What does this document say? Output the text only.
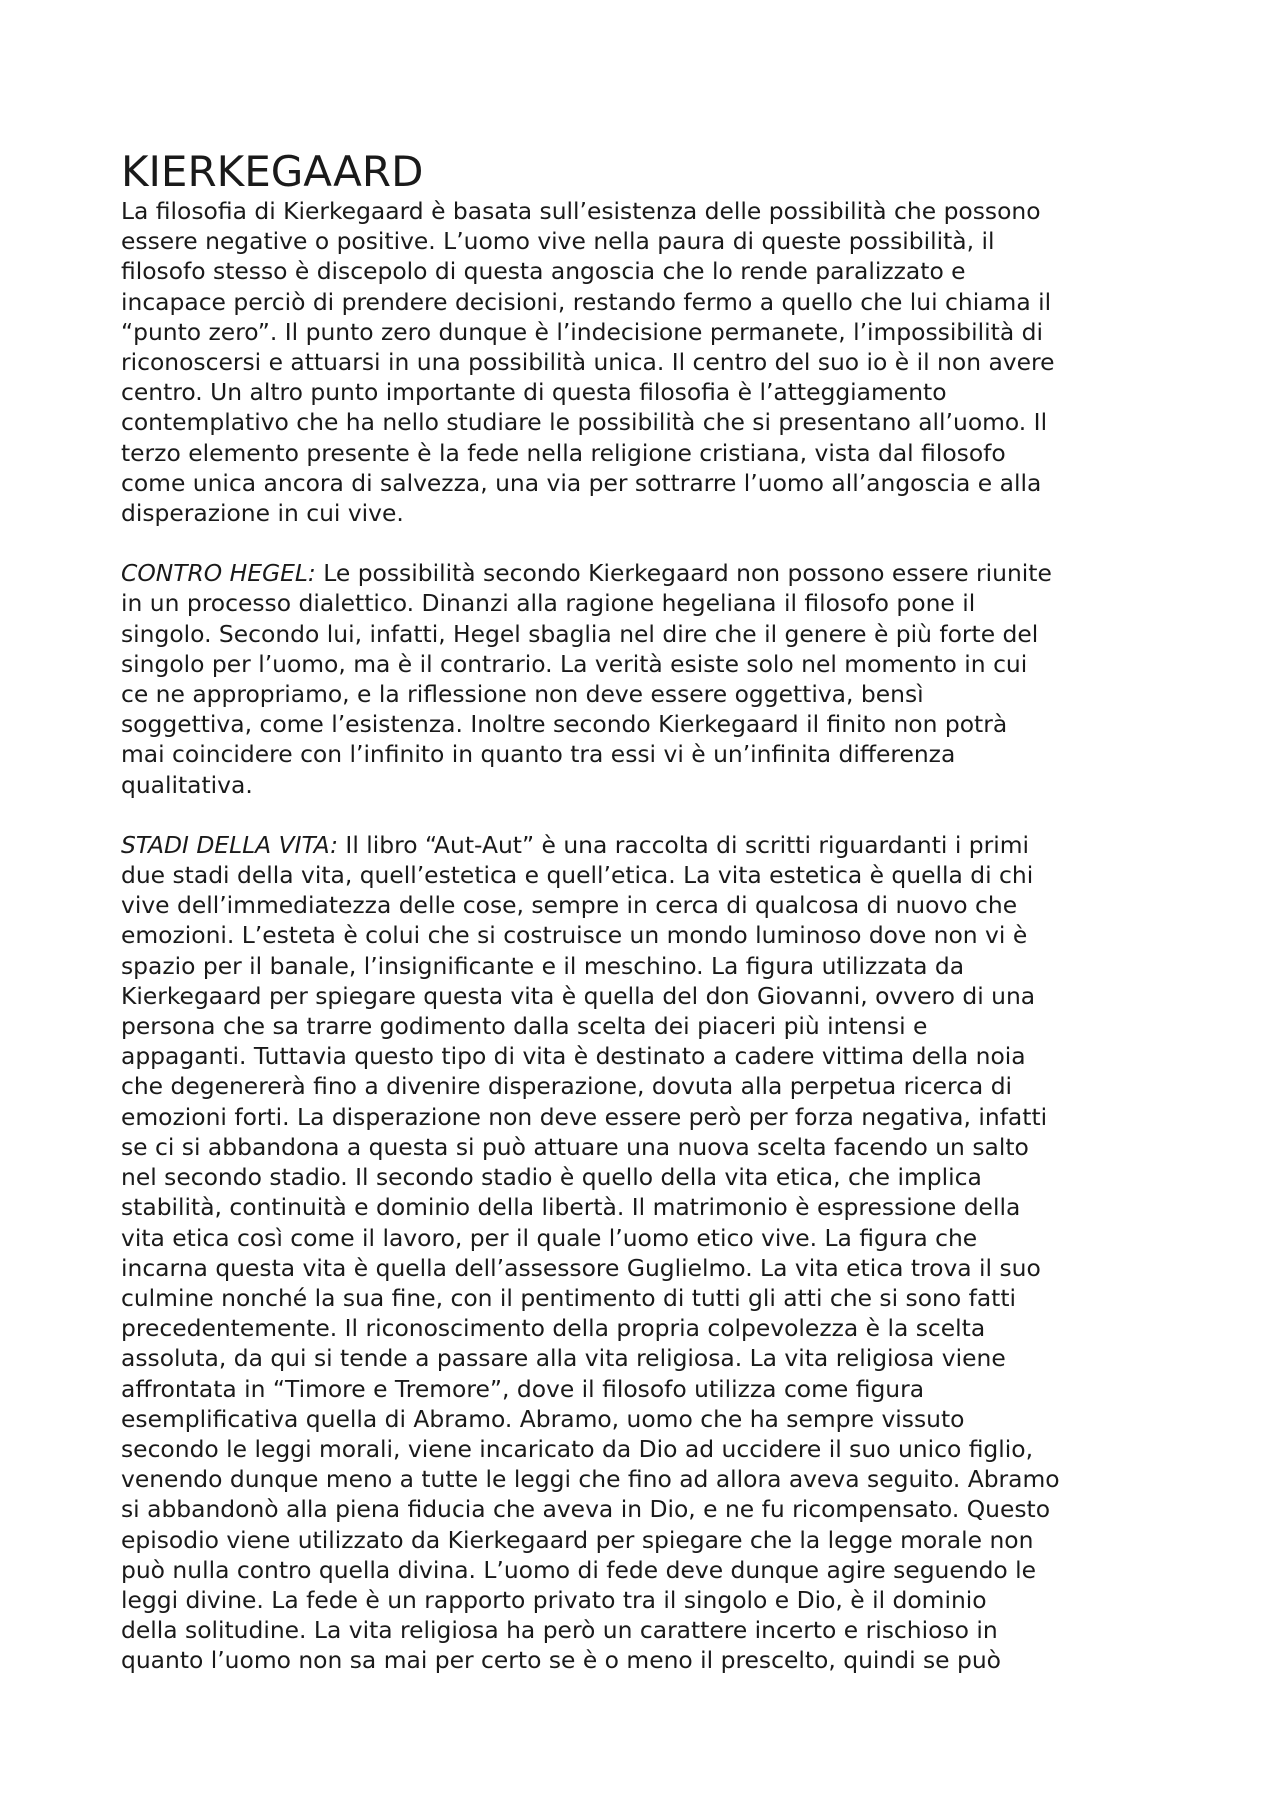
KIERKEGAARD

La filosofia di Kierkegaard è basata sull’esistenza delle possibilità che possono
essere negative o positive. L’uomo vive nella paura di queste possibilità, il
filosofo stesso è discepolo di questa angoscia che lo rende paralizzato e
incapace perciò di prendere decisioni, restando fermo a quello che lui chiama il
“punto zero”. Il punto zero dunque è l’indecisione permanete, l’impossibilità di
riconoscersi e attuarsi in una possibilità unica. Il centro del suo io è il non avere
centro. Un altro punto importante di questa filosofia è l’atteggiamento
contemplativo che ha nello studiare le possibilità che si presentano all’uomo. Il
terzo elemento presente è la fede nella religione cristiana, vista dal filosofo
come unica ancora di salvezza, una via per sottrarre l’uomo all’angoscia e alla
disperazione in cui vive.

CONTRO HEGEL: Le possibilità secondo Kierkegaard non possono essere riunite
in un processo dialettico. Dinanzi alla ragione hegeliana il filosofo pone il
singolo. Secondo lui, infatti, Hegel sbaglia nel dire che il genere è più forte del
singolo per l’uomo, ma è il contrario. La verità esiste solo nel momento in cui
ce ne appropriamo, e la riflessione non deve essere oggettiva, bensì
soggettiva, come l’esistenza. Inoltre secondo Kierkegaard il finito non potrà
mai coincidere con l’infinito in quanto tra essi vi è un’infinita differenza
qualitativa.

STADI DELLA VITA: Il libro “Aut-Aut” è una raccolta di scritti riguardanti i primi
due stadi della vita, quell’estetica e quell’etica. La vita estetica è quella di chi
vive dell’immediatezza delle cose, sempre in cerca di qualcosa di nuovo che
emozioni. L’esteta è colui che si costruisce un mondo luminoso dove non vi è
spazio per il banale, l’insignificante e il meschino. La figura utilizzata da
Kierkegaard per spiegare questa vita è quella del don Giovanni, ovvero di una
persona che sa trarre godimento dalla scelta dei piaceri più intensi e
appaganti. Tuttavia questo tipo di vita è destinato a cadere vittima della noia
che degenererà fino a divenire disperazione, dovuta alla perpetua ricerca di
emozioni forti. La disperazione non deve essere però per forza negativa, infatti
se ci si abbandona a questa si può attuare una nuova scelta facendo un salto
nel secondo stadio. Il secondo stadio è quello della vita etica, che implica
stabilità, continuità e dominio della libertà. Il matrimonio è espressione della
vita etica così come il lavoro, per il quale l’uomo etico vive. La figura che
incarna questa vita è quella dell’assessore Guglielmo. La vita etica trova il suo
culmine nonché la sua fine, con il pentimento di tutti gli atti che si sono fatti
precedentemente. Il riconoscimento della propria colpevolezza è la scelta
assoluta, da qui si tende a passare alla vita religiosa. La vita religiosa viene
affrontata in “Timore e Tremore”, dove il filosofo utilizza come figura
esemplificativa quella di Abramo. Abramo, uomo che ha sempre vissuto
secondo le leggi morali, viene incaricato da Dio ad uccidere il suo unico figlio,
venendo dunque meno a tutte le leggi che fino ad allora aveva seguito. Abramo
si abbandonò alla piena fiducia che aveva in Dio, e ne fu ricompensato. Questo
episodio viene utilizzato da Kierkegaard per spiegare che la legge morale non
può nulla contro quella divina. L’uomo di fede deve dunque agire seguendo le
leggi divine. La fede è un rapporto privato tra il singolo e Dio, è il dominio
della solitudine. La vita religiosa ha però un carattere incerto e rischioso in
quanto l’uomo non sa mai per certo se è o meno il prescelto, quindi se può
